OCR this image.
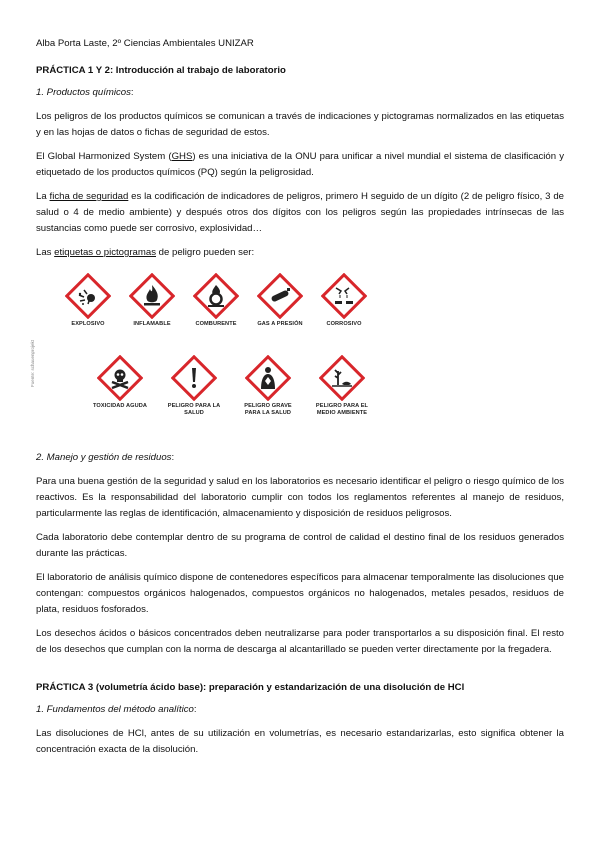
Alba Porta Laste, 2º Ciencias Ambientales UNIZAR

PRÁCTICA 1 Y 2: Introducción al trabajo de laboratorio

1. Productos químicos:

Los peligros de los productos químicos se comunican a través de indicaciones y pictogramas normalizados en las etiquetas y en las hojas de datos o fichas de seguridad de estos.

El Global Harmonized System (GHS) es una iniciativa de la ONU para unificar a nivel mundial el sistema de clasificación y etiquetado de los productos químicos (PQ) según la peligrosidad.

La ficha de seguridad es la codificación de indicadores de peligros, primero H seguido de un dígito (2 de peligro físico, 3 de salud o 4 de medio ambiente) y después otros dos dígitos con los peligros según las propiedades intrínsecas de las sustancias como puede ser corrosivo, explosividad…

Las etiquetas o pictogramas de peligro pueden ser:

Fuente: schauenprojekt
EXPLOSIVO	INFLAMABLE	COMBURENTE	GAS A PRESIÓN	CORROSIVO
TOXICIDAD AGUDA	PELIGRO PARA LA SALUD
PELIGRO GRAVE PARA LA SALUD
PELIGRO PARA EL MEDIO AMBIENTE

2. Manejo y gestión de residuos:

Para una buena gestión de la seguridad y salud en los laboratorios es necesario identificar el peligro o riesgo químico de los reactivos. Es la responsabilidad del laboratorio cumplir con todos los reglamentos referentes al manejo de residuos, particularmente las reglas de identificación, almacenamiento y disposición de residuos peligrosos.

Cada laboratorio debe contemplar dentro de su programa de control de calidad el destino final de los residuos generados durante las prácticas.

El laboratorio de análisis químico dispone de contenedores específicos para almacenar temporalmente las disoluciones que contengan: compuestos orgánicos halogenados, compuestos orgánicos no halogenados, metales pesados, residuos de plata, residuos fosforados.

Los desechos ácidos o básicos concentrados deben neutralizarse para poder transportarlos a su disposición final. El resto de los desechos que cumplan con la norma de descarga al alcantarillado se pueden verter directamente por la fregadera.

PRÁCTICA 3 (volumetría ácido base): preparación y estandarización de una disolución de HCl

1. Fundamentos del método analítico:

Las disoluciones de HCl, antes de su utilización en volumetrías, es necesario estandarizarlas, esto significa obtener la concentración exacta de la disolución.
